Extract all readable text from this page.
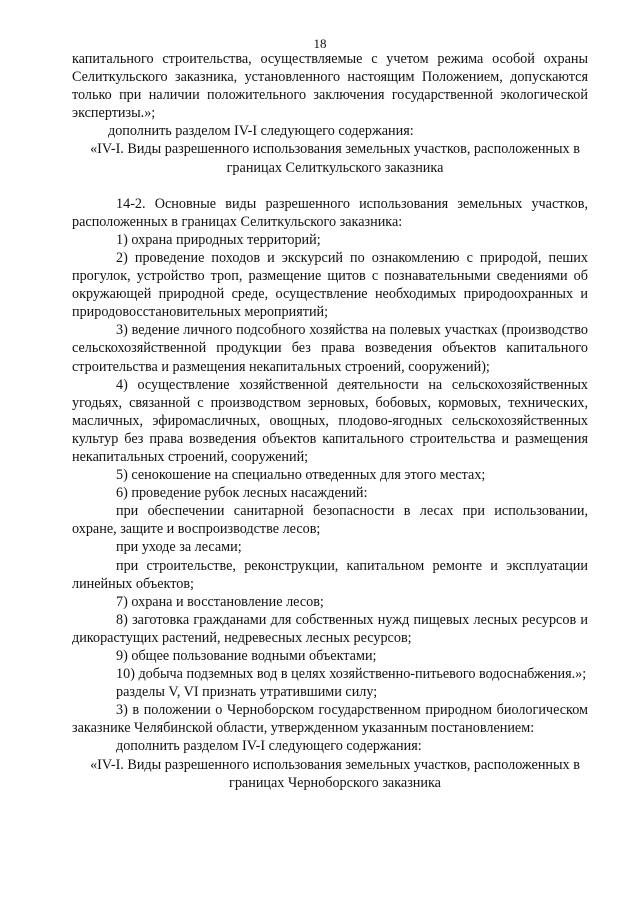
18

капитального строительства, осуществляемые с учетом режима особой охраны Селиткульского заказника, установленного настоящим Положением, допускаются только при наличии положительного заключения государственной экологической экспертизы.»;

дополнить разделом IV-I следующего содержания:

«IV-I. Виды разрешенного использования земельных участков, расположенных в границах Селиткульского заказника

14-2. Основные виды разрешенного использования земельных участков, расположенных в границах Селиткульского заказника:

1) охрана природных территорий;

2) проведение походов и экскурсий по ознакомлению с природой, пеших прогулок, устройство троп, размещение щитов с познавательными сведениями об окружающей природной среде, осуществление необходимых природоохранных и природовосстановительных мероприятий;

3) ведение личного подсобного хозяйства на полевых участках (производство сельскохозяйственной продукции без права возведения объектов капитального строительства и размещения некапитальных строений, сооружений);

4) осуществление хозяйственной деятельности на сельскохозяйственных угодьях, связанной с производством зерновых, бобовых, кормовых, технических, масличных, эфиромасличных, овощных, плодово-ягодных сельскохозяйственных культур без права возведения объектов капитального строительства и размещения некапитальных строений, сооружений;

5) сенокошение на специально отведенных для этого местах;

6) проведение рубок лесных насаждений:

при обеспечении санитарной безопасности в лесах при использовании, охране, защите и воспроизводстве лесов;

при уходе за лесами;

при строительстве, реконструкции, капитальном ремонте и эксплуатации линейных объектов;

7) охрана и восстановление лесов;

8) заготовка гражданами для собственных нужд пищевых лесных ресурсов и дикорастущих растений, недревесных лесных ресурсов;

9) общее пользование водными объектами;

10) добыча подземных вод в целях хозяйственно-питьевого водоснабжения.»;

разделы V, VI признать утратившими силу;

3) в положении о Черноборском государственном природном биологическом заказнике Челябинской области, утвержденном указанным постановлением:

дополнить разделом IV-I следующего содержания:

«IV-I. Виды разрешенного использования земельных участков, расположенных в границах Черноборского заказника
